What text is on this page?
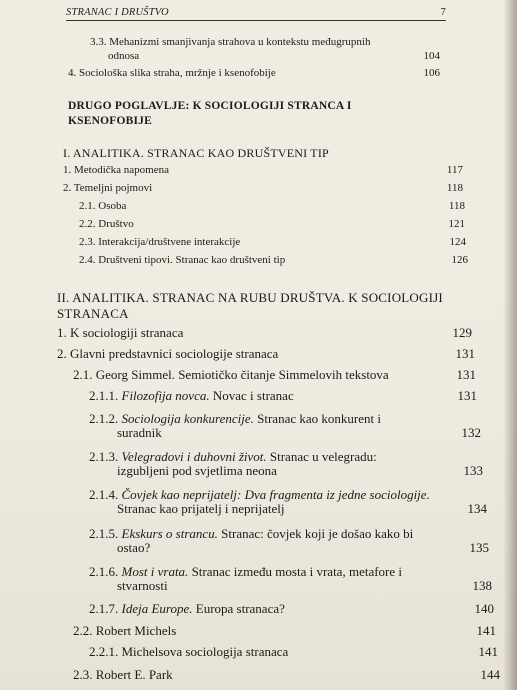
STRANAC I DRUŠTVO	7
3.3. Mehanizmi smanjivanja strahova u kontekstu međugrupnih
odnosa	104
4. Sociološka slika straha, mržnje i ksenofobije	106
DRUGO POGLAVLJE: K SOCIOLOGIJI STRANCA I
KSENOFOBIJE
I. ANALITIKA. STRANAC KAO DRUŠTVENI TIP
1. Metodička napomena	117
2. Temeljni pojmovi	118
2.1. Osoba	118
2.2. Društvo	121
2.3. Interakcija/društvene interakcije	124
2.4. Društveni tipovi. Stranac kao društveni tip	126
II. ANALITIKA. STRANAC NA RUBU DRUŠTVA. K SOCIOLOGIJI
STRANACA
1. K sociologiji stranaca	129
2. Glavni predstavnici sociologije stranaca	131
2.1. Georg Simmel. Semiotičko čitanje Simmelovih tekstova	131
2.1.1. Filozofija novca. Novac i stranac	131
2.1.2. Sociologija konkurencije. Stranac kao konkurent i
suradnik	132
2.1.3. Velegradovi i duhovni život. Stranac u velegradu:
izgubljeni pod svjetlima neona	133
2.1.4. Čovjek kao neprijatelj: Dva fragmenta iz jedne sociologije.
Stranac kao prijatelj i neprijatelj	134
2.1.5. Ekskurs o strancu. Stranac: čovjek koji je došao kako bi
ostao?	135
2.1.6. Most i vrata. Stranac između mosta i vrata, metafore i
stvarnosti	138
2.1.7. Ideja Europe. Europa stranaca?	140
2.2. Robert Michels	141
2.2.1. Michelsova sociologija stranaca	141
2.3. Robert E. Park	144
